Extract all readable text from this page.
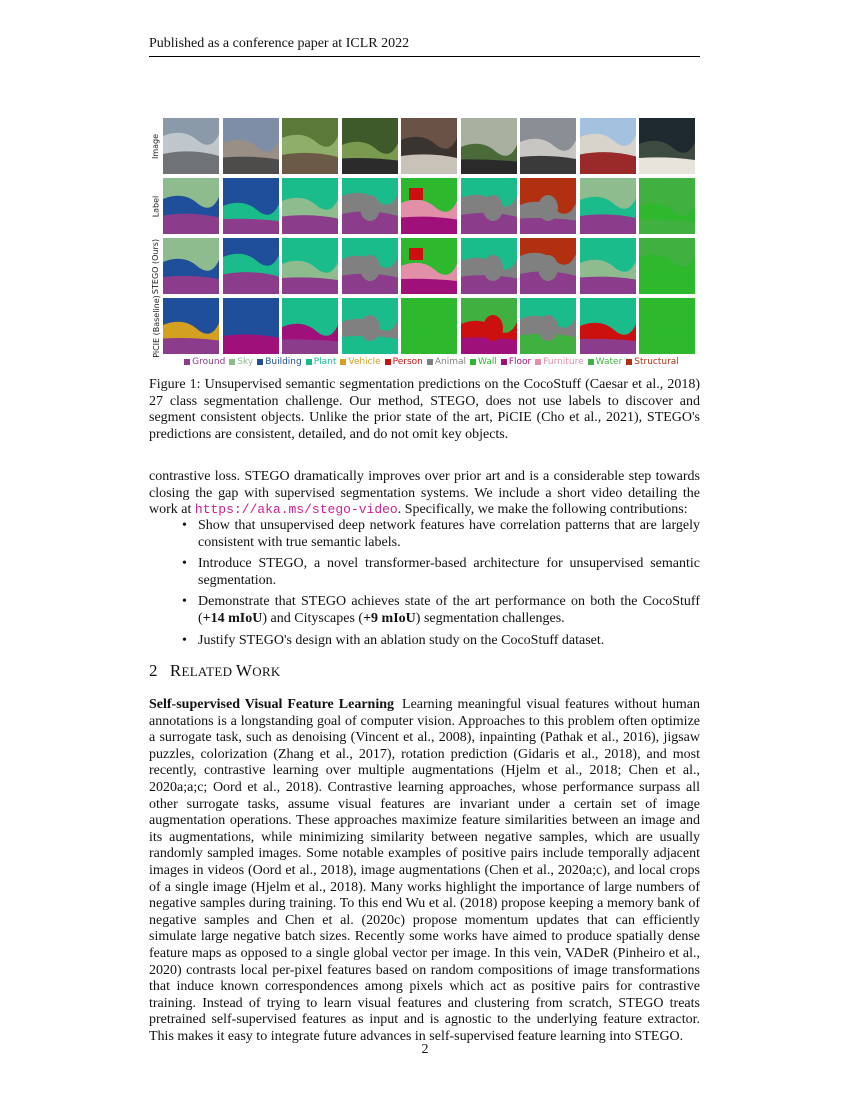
Published as a conference paper at ICLR 2022
Image
Label
STEGO (Ours)
PiCIE (Baseline)
Ground Sky Building Plant Vehicle Person Animal Wall Floor Furniture Water Structural
Figure 1: Unsupervised semantic segmentation predictions on the CocoStuff (Caesar et al., 2018) 27 class segmentation challenge. Our method, STEGO, does not use labels to discover and segment consistent objects. Unlike the prior state of the art, PiCIE (Cho et al., 2021), STEGO's predictions are consistent, detailed, and do not omit key objects.
contrastive loss. STEGO dramatically improves over prior art and is a considerable step towards closing the gap with supervised segmentation systems. We include a short video detailing the work at https://aka.ms/stego-video. Specifically, we make the following contributions:
• Show that unsupervised deep network features have correlation patterns that are largely consistent with true semantic labels.
• Introduce STEGO, a novel transformer-based architecture for unsupervised semantic segmentation.
• Demonstrate that STEGO achieves state of the art performance on both the CocoStuff (+14 mIoU) and Cityscapes (+9 mIoU) segmentation challenges.
• Justify STEGO's design with an ablation study on the CocoStuff dataset.
2 RELATED WORK
Self-supervised Visual Feature Learning Learning meaningful visual features without human annotations is a longstanding goal of computer vision. Approaches to this problem often optimize a surrogate task, such as denoising (Vincent et al., 2008), inpainting (Pathak et al., 2016), jigsaw puzzles, colorization (Zhang et al., 2017), rotation prediction (Gidaris et al., 2018), and most recently, contrastive learning over multiple augmentations (Hjelm et al., 2018; Chen et al., 2020a;a;c; Oord et al., 2018). Contrastive learning approaches, whose performance surpass all other surrogate tasks, assume visual features are invariant under a certain set of image augmentation operations. These approaches maximize feature similarities between an image and its augmentations, while minimizing similarity between negative samples, which are usually randomly sampled images. Some notable examples of positive pairs include temporally adjacent images in videos (Oord et al., 2018), image augmentations (Chen et al., 2020a;c), and local crops of a single image (Hjelm et al., 2018). Many works highlight the importance of large numbers of negative samples during training. To this end Wu et al. (2018) propose keeping a memory bank of negative samples and Chen et al. (2020c) propose momentum updates that can efficiently simulate large negative batch sizes. Recently some works have aimed to produce spatially dense feature maps as opposed to a single global vector per image. In this vein, VADeR (Pinheiro et al., 2020) contrasts local per-pixel features based on random compositions of image transformations that induce known correspondences among pixels which act as positive pairs for contrastive training. Instead of trying to learn visual features and clustering from scratch, STEGO treats pretrained self-supervised features as input and is agnostic to the underlying feature extractor. This makes it easy to integrate future advances in self-supervised feature learning into STEGO.
2
